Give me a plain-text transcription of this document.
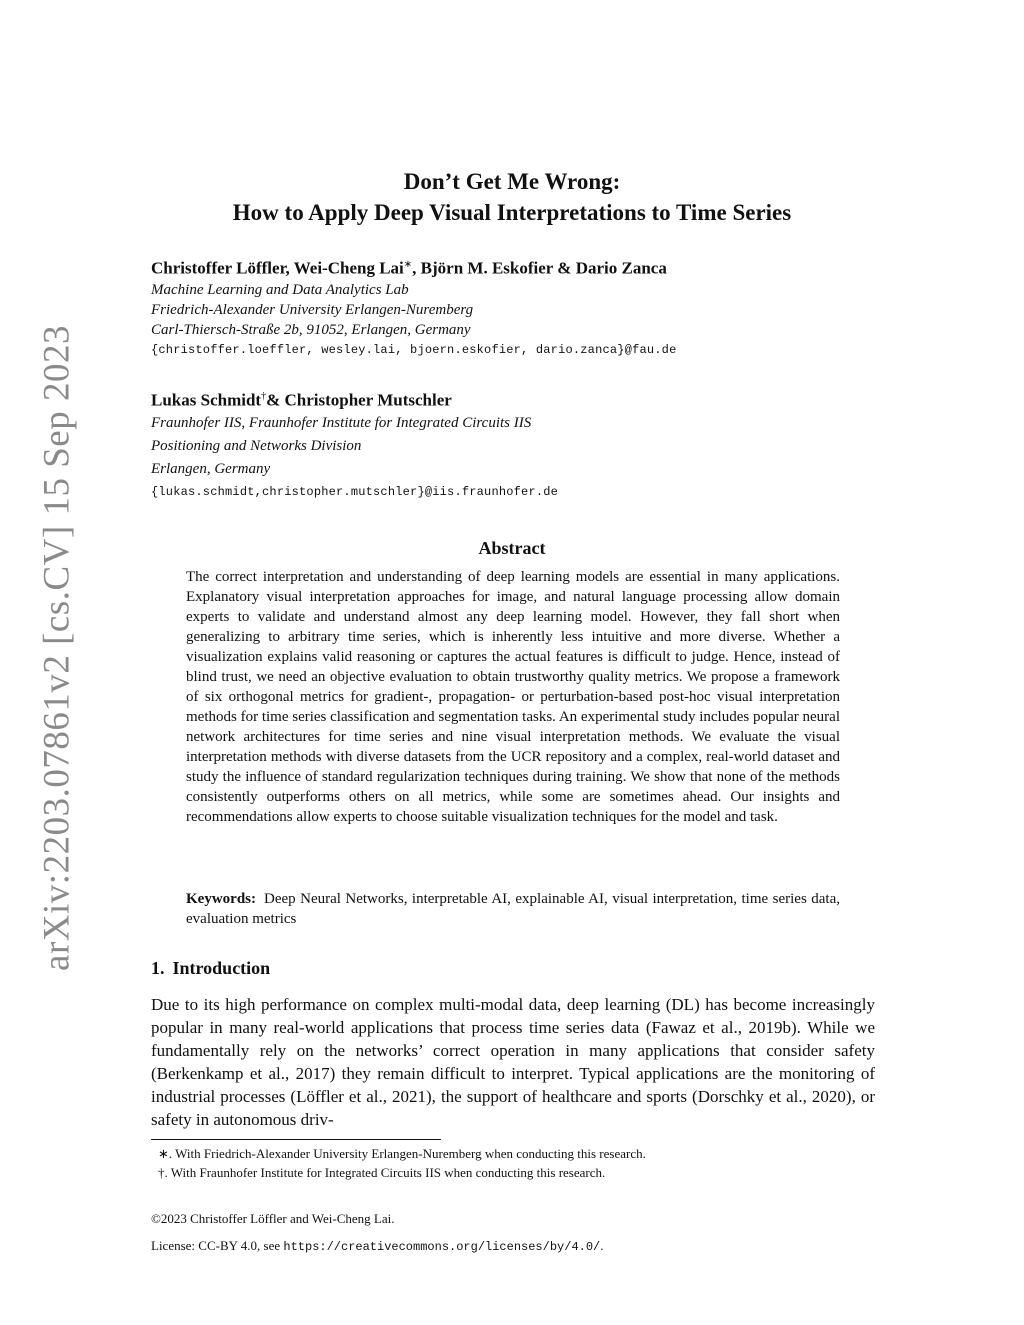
arXiv:2203.07861v2 [cs.CV] 15 Sep 2023
Don’t Get Me Wrong:
How to Apply Deep Visual Interpretations to Time Series
Christoffer Löffler, Wei-Cheng Lai∗, Björn M. Eskofier & Dario Zanca
Machine Learning and Data Analytics Lab
Friedrich-Alexander University Erlangen-Nuremberg
Carl-Thiersch-Straße 2b, 91052, Erlangen, Germany
{christoffer.loeffler, wesley.lai, bjoern.eskofier, dario.zanca}@fau.de
Lukas Schmidt†& Christopher Mutschler
Fraunhofer IIS, Fraunhofer Institute for Integrated Circuits IIS
Positioning and Networks Division
Erlangen, Germany
{lukas.schmidt,christopher.mutschler}@iis.fraunhofer.de
Abstract
The correct interpretation and understanding of deep learning models are essential in many applications. Explanatory visual interpretation approaches for image, and natural language processing allow domain experts to validate and understand almost any deep learning model. However, they fall short when generalizing to arbitrary time series, which is inherently less intuitive and more diverse. Whether a visualization explains valid reasoning or captures the actual features is difficult to judge. Hence, instead of blind trust, we need an objective evaluation to obtain trustworthy quality metrics. We propose a framework of six orthogonal metrics for gradient-, propagation- or perturbation-based post-hoc visual interpretation methods for time series classification and segmentation tasks. An experimental study includes popular neural network architectures for time series and nine visual interpretation methods. We evaluate the visual interpretation methods with diverse datasets from the UCR repository and a complex, real-world dataset and study the influence of standard regularization techniques during training. We show that none of the methods consistently outperforms others on all metrics, while some are sometimes ahead. Our insights and recommendations allow experts to choose suitable visualization techniques for the model and task.
Keywords: Deep Neural Networks, interpretable AI, explainable AI, visual interpretation, time series data, evaluation metrics
1. Introduction
Due to its high performance on complex multi-modal data, deep learning (DL) has become increasingly popular in many real-world applications that process time series data (Fawaz et al., 2019b). While we fundamentally rely on the networks’ correct operation in many applications that consider safety (Berkenkamp et al., 2017) they remain difficult to interpret. Typical applications are the monitoring of industrial processes (Löffler et al., 2021), the support of healthcare and sports (Dorschky et al., 2020), or safety in autonomous driv-
∗. With Friedrich-Alexander University Erlangen-Nuremberg when conducting this research.
†. With Fraunhofer Institute for Integrated Circuits IIS when conducting this research.
©2023 Christoffer Löffler and Wei-Cheng Lai.
License: CC-BY 4.0, see https://creativecommons.org/licenses/by/4.0/.
